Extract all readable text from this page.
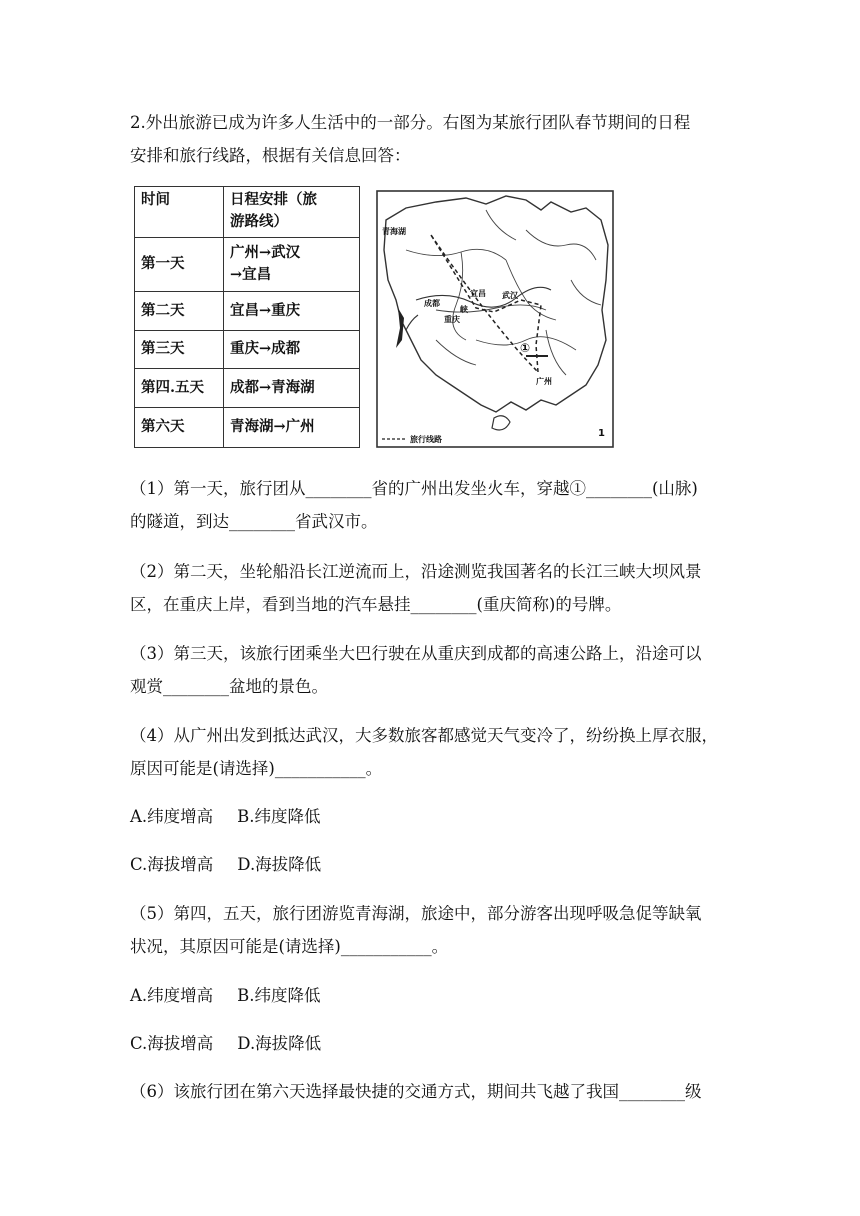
2.外出旅游已成为许多人生活中的一部分。右图为某旅行团队春节期间的日程
安排和旅行线路，根据有关信息回答：

时间	日程安排（旅
游路线）

第一天	广州→武汉
→宜昌

第二天	宜昌→重庆
第三天	重庆→成都
第四.五天	成都→青海湖
第六天	青海湖→广州
青海湖
成都
重庆
宜昌 武汉
广州
峡
①
旅行线路
1

（1）第一天，旅行团从________省的广州出发坐火车，穿越①________(山脉)
的隧道，到达________省武汉市。

（2）第二天，坐轮船沿长江逆流而上，沿途测览我国著名的长江三峡大坝风景
区，在重庆上岸，看到当地的汽车悬挂________(重庆简称)的号牌。

（3）第三天，该旅行团乘坐大巴行驶在从重庆到成都的高速公路上，沿途可以
观赏________盆地的景色。

（4）从广州出发到抵达武汉，大多数旅客都感觉天气变冷了，纷纷换上厚衣服，
原因可能是(请选择)___________。

A.纬度增高 B.纬度降低

C.海拔增高 D.海拔降低

（5）第四，五天，旅行团游览青海湖，旅途中，部分游客出现呼吸急促等缺氧
状况，其原因可能是(请选择)___________。

A.纬度增高 B.纬度降低

C.海拔增高 D.海拔降低

（6）该旅行团在第六天选择最快捷的交通方式，期间共飞越了我国________级
